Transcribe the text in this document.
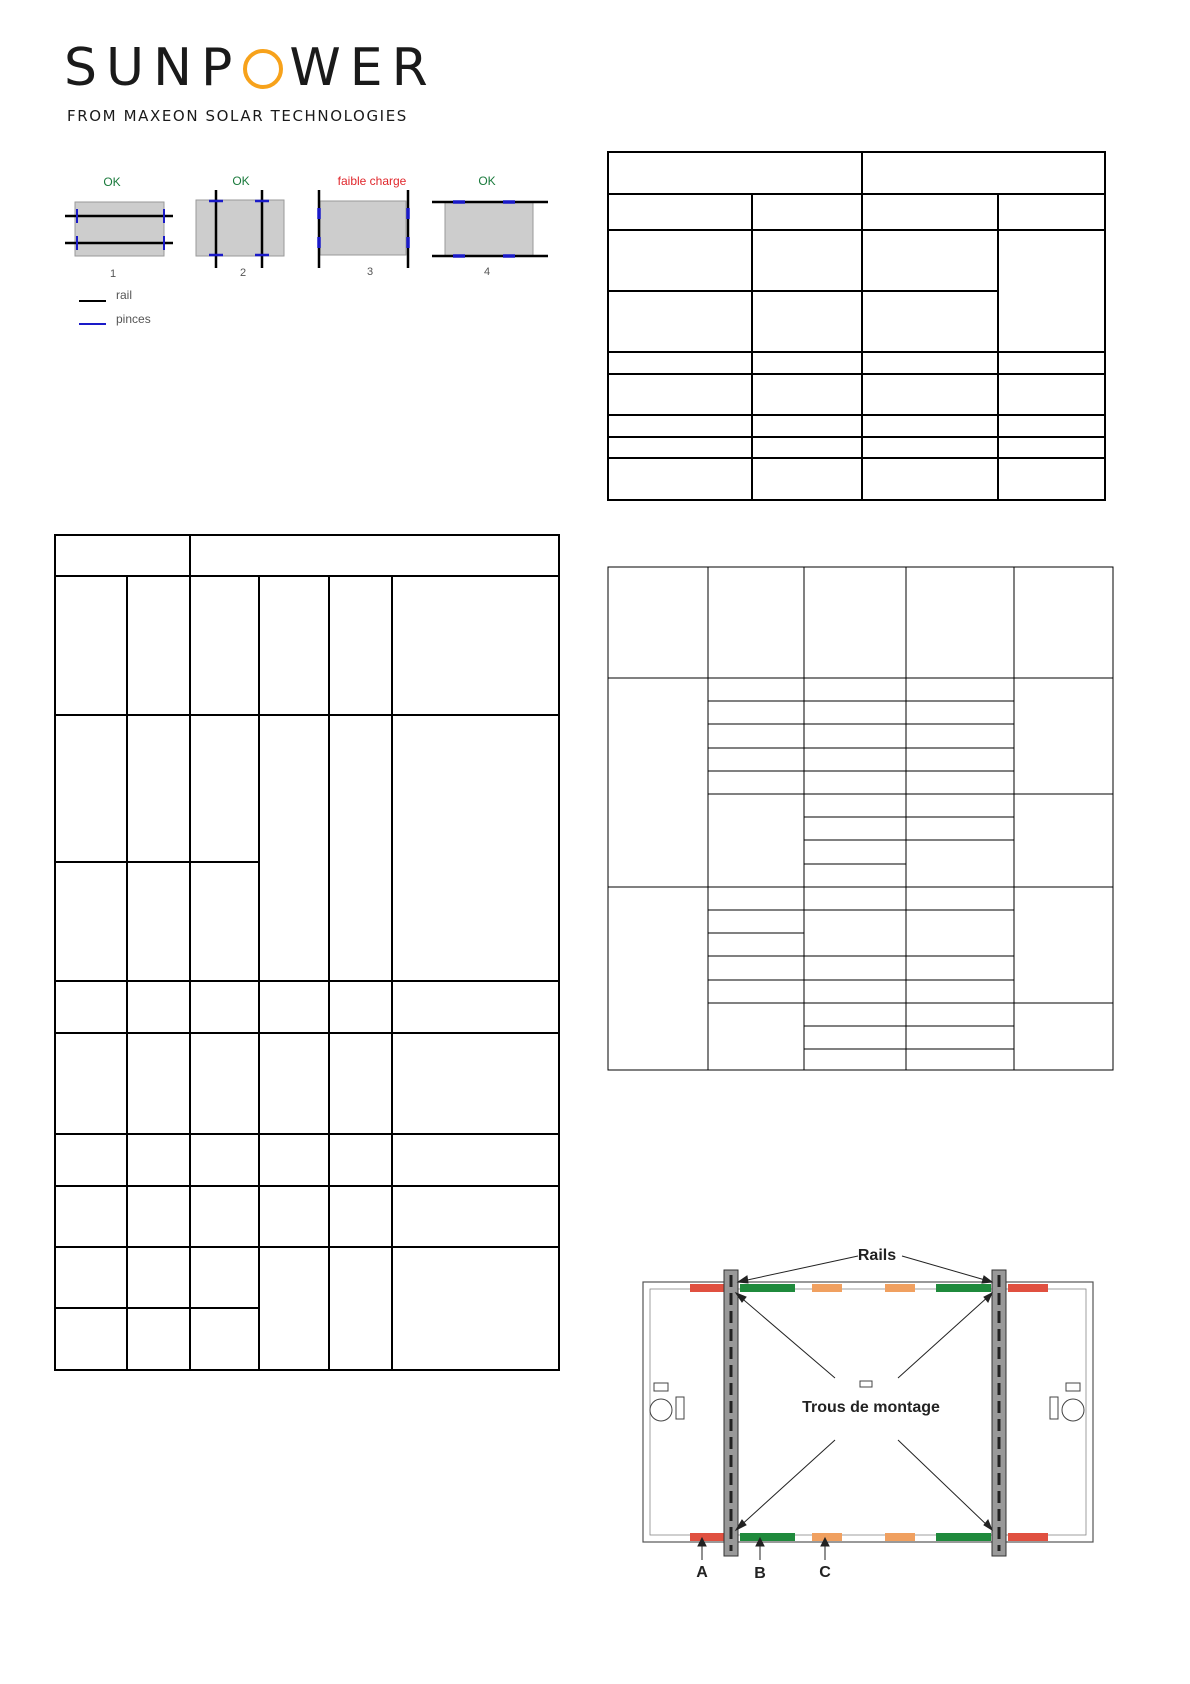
SUNP WER
FROM MAXEON SOLAR TECHNOLOGIES
OK	OK	faible charge	OK
1	2	3	4
rail
pinces
Rails
Trous de montage
A	B	C
